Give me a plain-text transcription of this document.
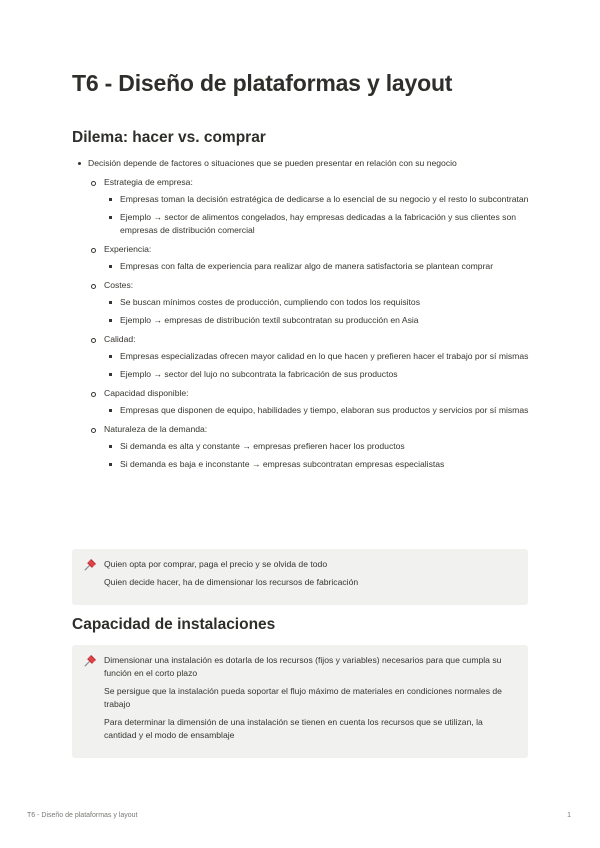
T6 - Diseño de plataformas y layout
Dilema: hacer vs. comprar
Decisión depende de factores o situaciones que se pueden presentar en relación con su negocio
Estrategia de empresa:
Empresas toman la decisión estratégica de dedicarse a lo esencial de su negocio y el resto lo subcontratan
Ejemplo → sector de alimentos congelados, hay empresas dedicadas a la fabricación y sus clientes son empresas de distribución comercial
Experiencia:
Empresas con falta de experiencia para realizar algo de manera satisfactoria se plantean comprar
Costes:
Se buscan mínimos costes de producción, cumpliendo con todos los requisitos
Ejemplo → empresas de distribución textil subcontratan su producción en Asia
Calidad:
Empresas especializadas ofrecen mayor calidad en lo que hacen y prefieren hacer el trabajo por sí mismas
Ejemplo → sector del lujo no subcontrata la fabricación de sus productos
Capacidad disponible:
Empresas que disponen de equipo, habilidades y tiempo, elaboran sus productos y servicios por sí mismas
Naturaleza de la demanda:
Si demanda es alta y constante → empresas prefieren hacer los productos
Si demanda es baja e inconstante → empresas subcontratan empresas especialistas

Quien opta por comprar, paga el precio y se olvida de todo

Quien decide hacer, ha de dimensionar los recursos de fabricación

Capacidad de instalaciones

Dimensionar una instalación es dotarla de los recursos (fijos y variables) necesarios para que cumpla su función en el corto plazo

Se persigue que la instalación pueda soportar el flujo máximo de materiales en condiciones normales de trabajo

Para determinar la dimensión de una instalación se tienen en cuenta los recursos que se utilizan, la cantidad y el modo de ensamblaje

T6 - Diseño de plataformas y layout	1
